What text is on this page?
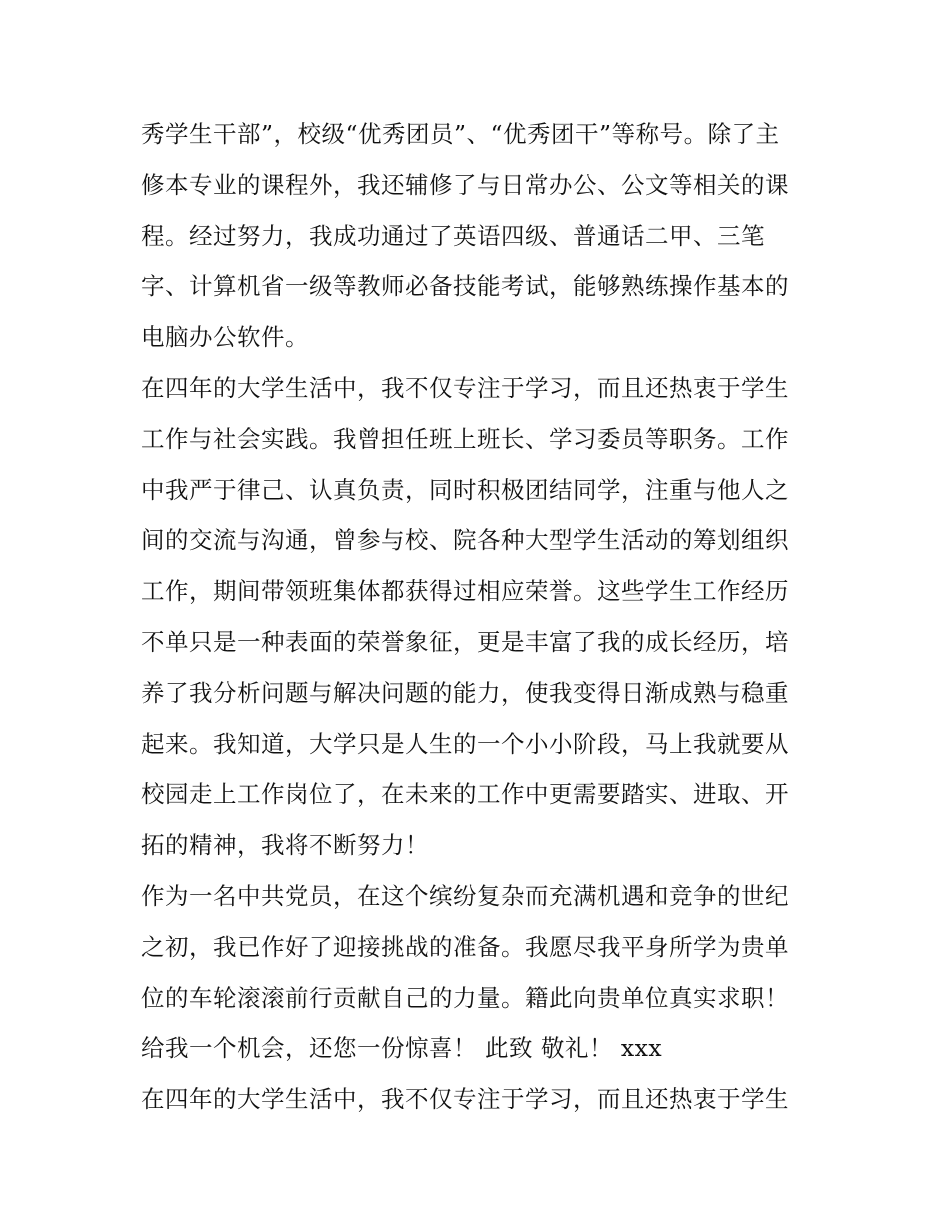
秀学生干部”，校级“优秀团员”、“优秀团干”等称号。除了主
修本专业的课程外，我还辅修了与日常办公、公文等相关的课
程。经过努力，我成功通过了英语四级、普通话二甲、三笔
字、计算机省一级等教师必备技能考试，能够熟练操作基本的
电脑办公软件。
在四年的大学生活中，我不仅专注于学习，而且还热衷于学生
工作与社会实践。我曾担任班上班长、学习委员等职务。工作
中我严于律己、认真负责，同时积极团结同学，注重与他人之
间的交流与沟通，曾参与校、院各种大型学生活动的筹划组织
工作，期间带领班集体都获得过相应荣誉。这些学生工作经历
不单只是一种表面的荣誉象征，更是丰富了我的成长经历，培
养了我分析问题与解决问题的能力，使我变得日渐成熟与稳重
起来。我知道，大学只是人生的一个小小阶段，马上我就要从
校园走上工作岗位了，在未来的工作中更需要踏实、进取、开
拓的精神，我将不断努力！
作为一名中共党员，在这个缤纷复杂而充满机遇和竞争的世纪
之初，我已作好了迎接挑战的准备。我愿尽我平身所学为贵单
位的车轮滚滚前行贡献自己的力量。籍此向贵单位真实求职！
给我一个机会，还您一份惊喜！ 此致 敬礼！ xxx
在四年的大学生活中，我不仅专注于学习，而且还热衷于学生
